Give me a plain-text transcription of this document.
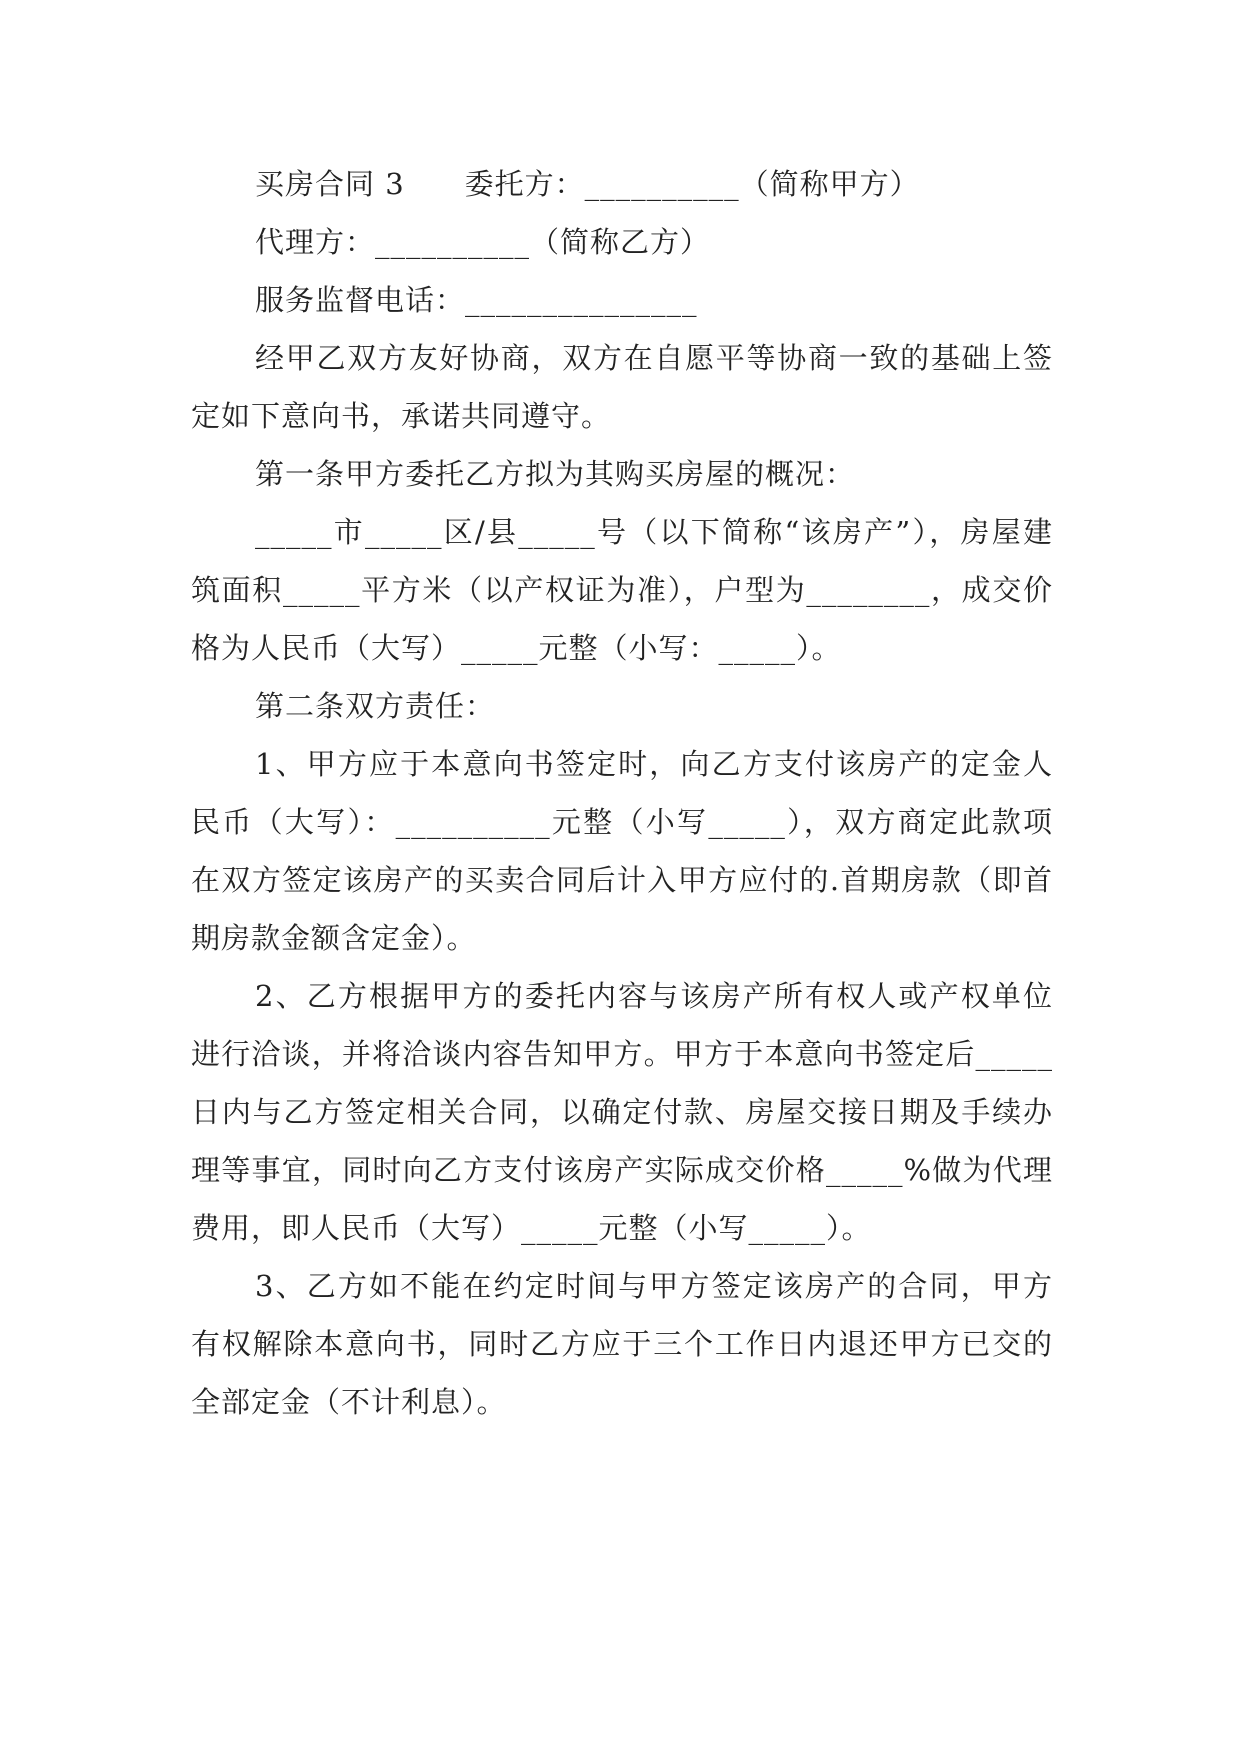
买房合同 3　　委托方：__________（简称甲方）

代理方：__________（简称乙方）

服务监督电话：_______________

经甲乙双方友好协商，双方在自愿平等协商一致的基础上签定如下意向书，承诺共同遵守。

第一条甲方委托乙方拟为其购买房屋的概况：

_____市_____区/县_____号（以下简称“该房产”），房屋建筑面积_____平方米（以产权证为准），户型为________，成交价格为人民币（大写）_____元整（小写：_____）。

第二条双方责任：

1、甲方应于本意向书签定时，向乙方支付该房产的定金人民币（大写）：__________元整（小写_____），双方商定此款项在双方签定该房产的买卖合同后计入甲方应付的.首期房款（即首期房款金额含定金）。

2、乙方根据甲方的委托内容与该房产所有权人或产权单位进行洽谈，并将洽谈内容告知甲方。甲方于本意向书签定后_____日内与乙方签定相关合同，以确定付款、房屋交接日期及手续办理等事宜，同时向乙方支付该房产实际成交价格_____%做为代理费用，即人民币（大写）_____元整（小写_____）。

3、乙方如不能在约定时间与甲方签定该房产的合同，甲方有权解除本意向书，同时乙方应于三个工作日内退还甲方已交的全部定金（不计利息）。
